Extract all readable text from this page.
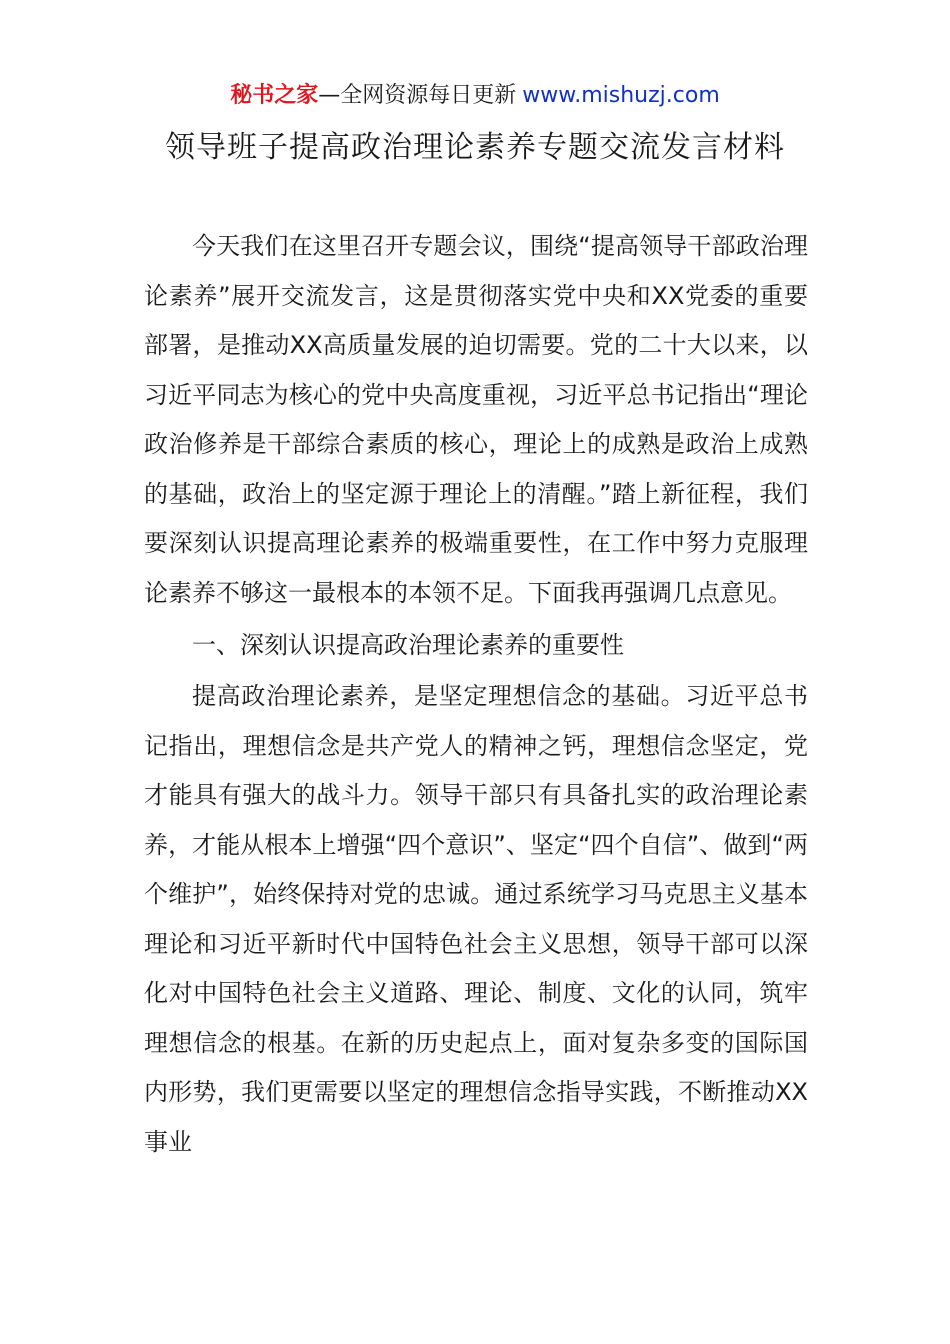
秘书之家—全网资源每日更新 www.mishuzj.com
领导班子提高政治理论素养专题交流发言材料

今天我们在这里召开专题会议，围绕“提高领导干部政治理论素养”展开交流发言，这是贯彻落实党中央和XX党委的重要部署，是推动XX高质量发展的迫切需要。党的二十大以来，以习近平同志为核心的党中央高度重视，习近平总书记指出“理论政治修养是干部综合素质的核心，理论上的成熟是政治上成熟的基础，政治上的坚定源于理论上的清醒。”踏上新征程，我们要深刻认识提高理论素养的极端重要性，在工作中努力克服理论素养不够这一最根本的本领不足。下面我再强调几点意见。

一、深刻认识提高政治理论素养的重要性

提高政治理论素养，是坚定理想信念的基础。习近平总书记指出，理想信念是共产党人的精神之钙，理想信念坚定，党才能具有强大的战斗力。领导干部只有具备扎实的政治理论素养，才能从根本上增强“四个意识”、坚定“四个自信”、做到“两个维护”，始终保持对党的忠诚。通过系统学习马克思主义基本理论和习近平新时代中国特色社会主义思想，领导干部可以深化对中国特色社会主义道路、理论、制度、文化的认同，筑牢理想信念的根基。在新的历史起点上，面对复杂多变的国际国内形势，我们更需要以坚定的理想信念指导实践，不断推动XX事业
